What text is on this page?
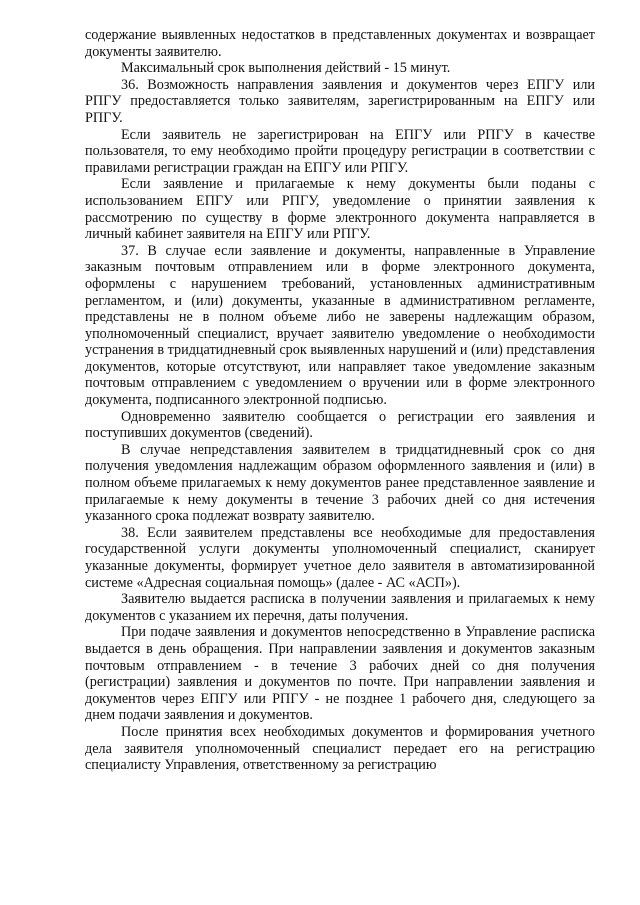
содержание выявленных недостатков в представленных документах и возвращает документы заявителю.

Максимальный срок выполнения действий - 15 минут.

36. Возможность направления заявления и документов через ЕПГУ или РПГУ предоставляется только заявителям, зарегистрированным на ЕПГУ или РПГУ.

Если заявитель не зарегистрирован на ЕПГУ или РПГУ в качестве пользователя, то ему необходимо пройти процедуру регистрации в соответствии с правилами регистрации граждан на ЕПГУ или РПГУ.

Если заявление и прилагаемые к нему документы были поданы с использованием ЕПГУ или РПГУ, уведомление о принятии заявления к рассмотрению по существу в форме электронного документа направляется в личный кабинет заявителя на ЕПГУ или РПГУ.

37. В случае если заявление и документы, направленные в Управление заказным почтовым отправлением или в форме электронного документа, оформлены с нарушением требований, установленных административным регламентом, и (или) документы, указанные в административном регламенте, представлены не в полном объеме либо не заверены надлежащим образом, уполномоченный специалист, вручает заявителю уведомление о необходимости устранения в тридцатидневный срок выявленных нарушений и (или) представления документов, которые отсутствуют, или направляет такое уведомление заказным почтовым отправлением с уведомлением о вручении или в форме электронного документа, подписанного электронной подписью.

Одновременно заявителю сообщается о регистрации его заявления и поступивших документов (сведений).

В случае непредставления заявителем в тридцатидневный срок со дня получения уведомления надлежащим образом оформленного заявления и (или) в полном объеме прилагаемых к нему документов ранее представленное заявление и прилагаемые к нему документы в течение 3 рабочих дней со дня истечения указанного срока подлежат возврату заявителю.

38. Если заявителем представлены все необходимые для предоставления государственной услуги документы уполномоченный специалист, сканирует указанные документы, формирует учетное дело заявителя в автоматизированной системе «Адресная социальная помощь» (далее - АС «АСП»).

Заявителю выдается расписка в получении заявления и прилагаемых к нему документов с указанием их перечня, даты получения.

При подаче заявления и документов непосредственно в Управление расписка выдается в день обращения. При направлении заявления и документов заказным почтовым отправлением - в течение 3 рабочих дней со дня получения (регистрации) заявления и документов по почте. При направлении заявления и документов через ЕПГУ или РПГУ - не позднее 1 рабочего дня, следующего за днем подачи заявления и документов.

После принятия всех необходимых документов и формирования учетного дела заявителя уполномоченный специалист передает его на регистрацию специалисту Управления, ответственному за регистрацию
